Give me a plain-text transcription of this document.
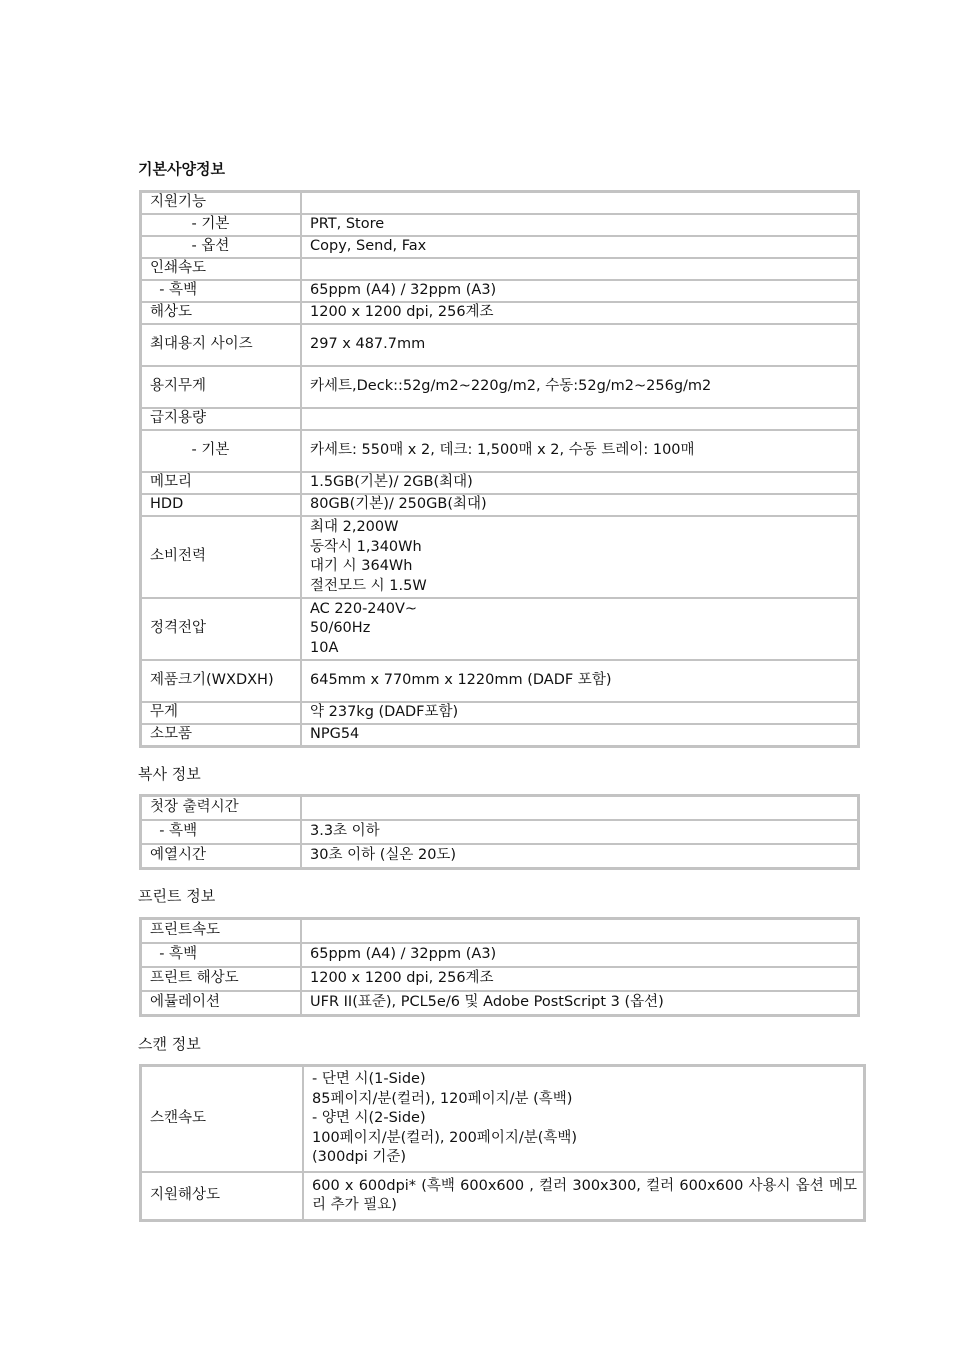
기본사양정보
지원기능	
- 기본	PRT, Store
- 옵션	Copy, Send, Fax
인쇄속도	
- 흑백	65ppm (A4) / 32ppm (A3)
해상도	1200 x 1200 dpi, 256계조
최대용지 사이즈	297 x 487.7mm
용지무게	카세트,Deck::52g/m2~220g/m2, 수동:52g/m2~256g/m2
급지용량	
- 기본	카세트: 550매 x 2, 데크: 1,500매 x 2, 수동 트레이: 100매
메모리	1.5GB(기본)/ 2GB(최대)
HDD	80GB(기본)/ 250GB(최대)
소비전력	최대 2,200W
동작시 1,340Wh
대기 시 364Wh
절전모드 시 1.5W

정격전압	AC 220-240V~
50/60Hz
10A

제품크기(WXDXH)	645mm x 770mm x 1220mm (DADF 포함)
무게	약 237kg (DADF포함)
소모품	NPG54
복사 정보
첫장 출력시간	
- 흑백	3.3초 이하
예열시간	30초 이하 (실온 20도)
프린트 정보
프린트속도	
- 흑백	65ppm (A4) / 32ppm (A3)
프린트 해상도	1200 x 1200 dpi, 256계조
에뮬레이션	UFR II(표준), PCL5e/6 및 Adobe PostScript 3 (옵션)
스캔 정보
스캔속도	- 단면 시(1-Side)
85페이지/분(컬러), 120페이지/분 (흑백)
- 양면 시(2-Side)
100페이지/분(컬러), 200페이지/분(흑백)
(300dpi 기준)

지원해상도	600 x 600dpi* (흑백 600x600 , 컬러 300x300, 컬러 600x600 사용시 옵션 메모리 추가 필요)
